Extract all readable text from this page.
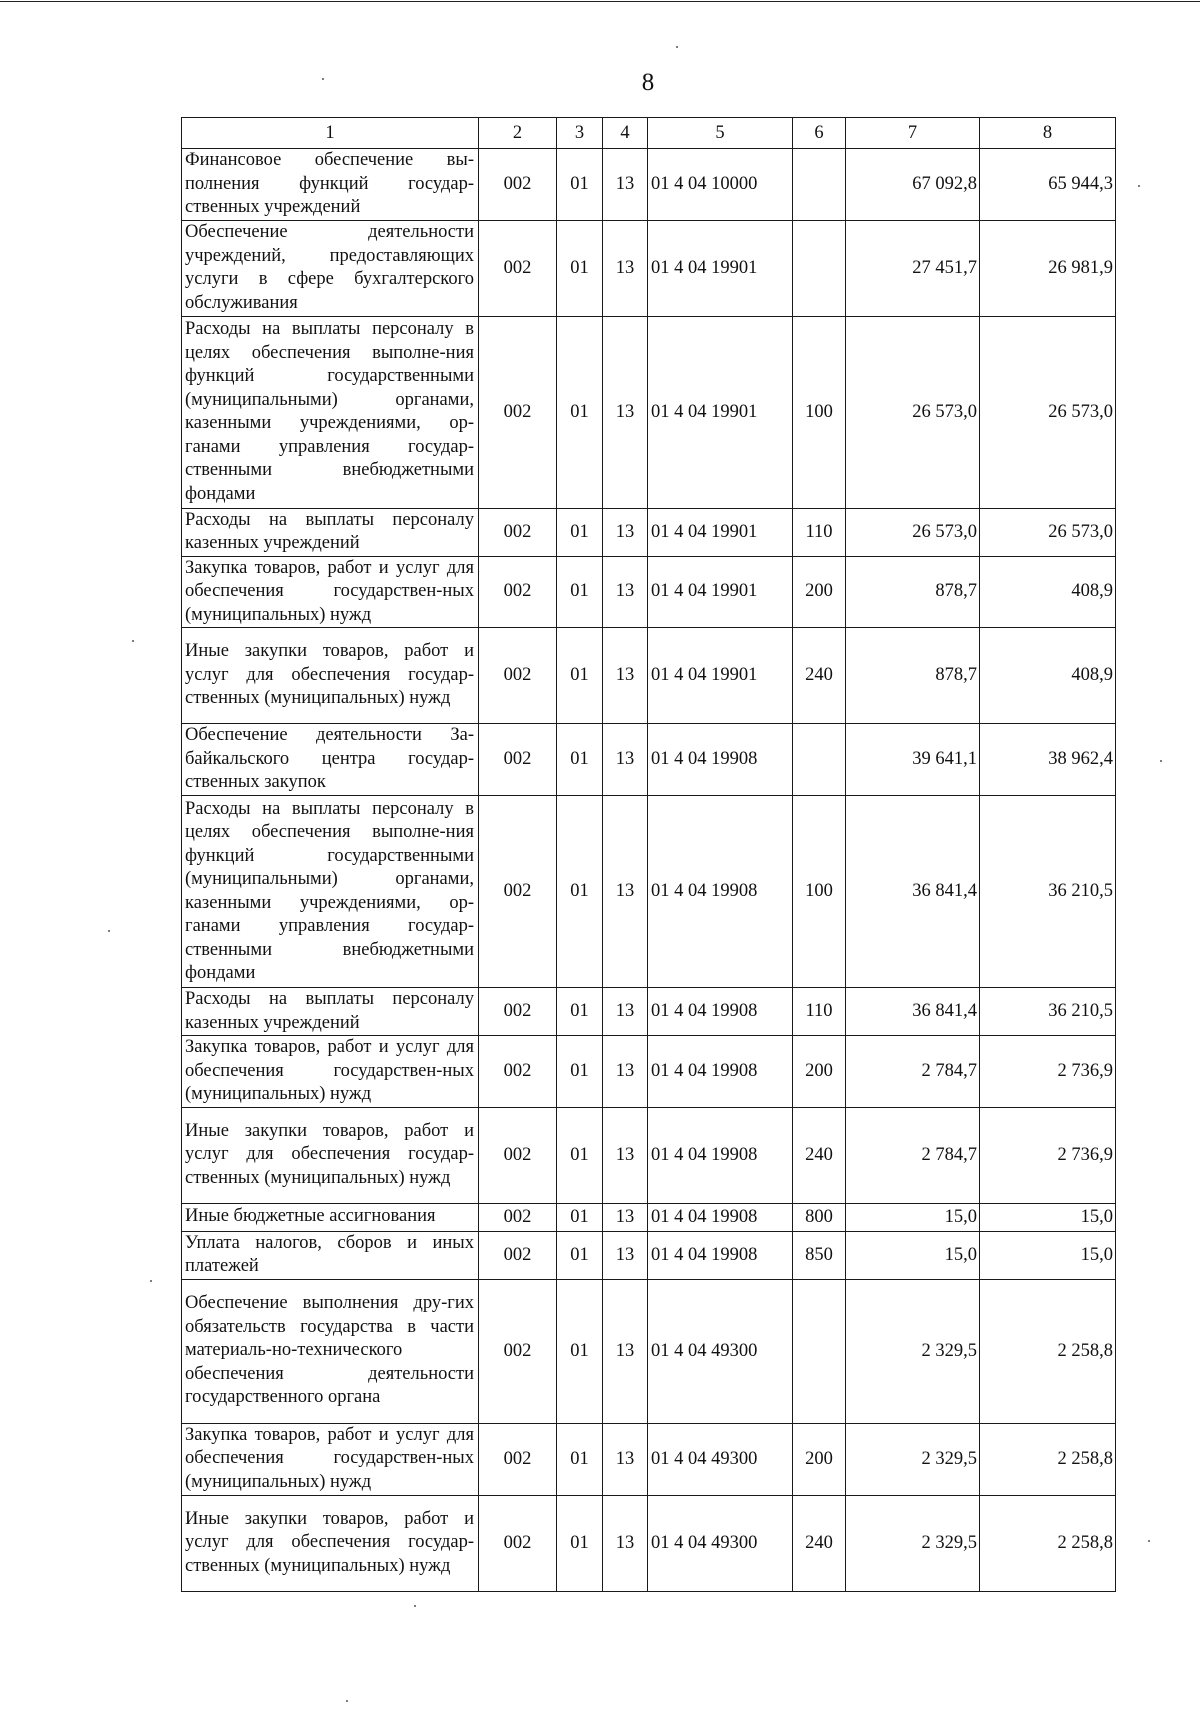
8
1	2	3	4	5	6	7	8
Финансовое обеспечение вы-полнения функций государ-ственных учреждений	002	01	13	01 4 04 10000		67 092,8	65 944,3
Обеспечение деятельности учреждений, предоставляющих услуги в сфере бухгалтерского обслуживания	002	01	13	01 4 04 19901		27 451,7	26 981,9
Расходы на выплаты персоналу в целях обеспечения выполне-ния функций государственными (муниципальными) органами, казенными учреждениями, ор-ганами управления государ-ственными внебюджетными фондами	002	01	13	01 4 04 19901	100	26 573,0	26 573,0
Расходы на выплаты персоналу казенных учреждений	002	01	13	01 4 04 19901	110	26 573,0	26 573,0
Закупка товаров, работ и услуг для обеспечения государствен-ных (муниципальных) нужд	002	01	13	01 4 04 19901	200	878,7	408,9
Иные закупки товаров, работ и услуг для обеспечения государ-ственных (муниципальных) нужд	002	01	13	01 4 04 19901	240	878,7	408,9
Обеспечение деятельности За-байкальского центра государ-ственных закупок	002	01	13	01 4 04 19908		39 641,1	38 962,4
Расходы на выплаты персоналу в целях обеспечения выполне-ния функций государственными (муниципальными) органами, казенными учреждениями, ор-ганами управления государ-ственными внебюджетными фондами	002	01	13	01 4 04 19908	100	36 841,4	36 210,5
Расходы на выплаты персоналу казенных учреждений	002	01	13	01 4 04 19908	110	36 841,4	36 210,5
Закупка товаров, работ и услуг для обеспечения государствен-ных (муниципальных) нужд	002	01	13	01 4 04 19908	200	2 784,7	2 736,9
Иные закупки товаров, работ и услуг для обеспечения государ-ственных (муниципальных) нужд	002	01	13	01 4 04 19908	240	2 784,7	2 736,9
Иные бюджетные ассигнования	002	01	13	01 4 04 19908	800	15,0	15,0
Уплата налогов, сборов и иных платежей	002	01	13	01 4 04 19908	850	15,0	15,0
Обеспечение выполнения дру-гих обязательств государства в части материаль-но-технического обеспечения деятельности государственного органа	002	01	13	01 4 04 49300		2 329,5	2 258,8
Закупка товаров, работ и услуг для обеспечения государствен-ных (муниципальных) нужд	002	01	13	01 4 04 49300	200	2 329,5	2 258,8
Иные закупки товаров, работ и услуг для обеспечения государ-ственных (муниципальных) нужд	002	01	13	01 4 04 49300	240	2 329,5	2 258,8
